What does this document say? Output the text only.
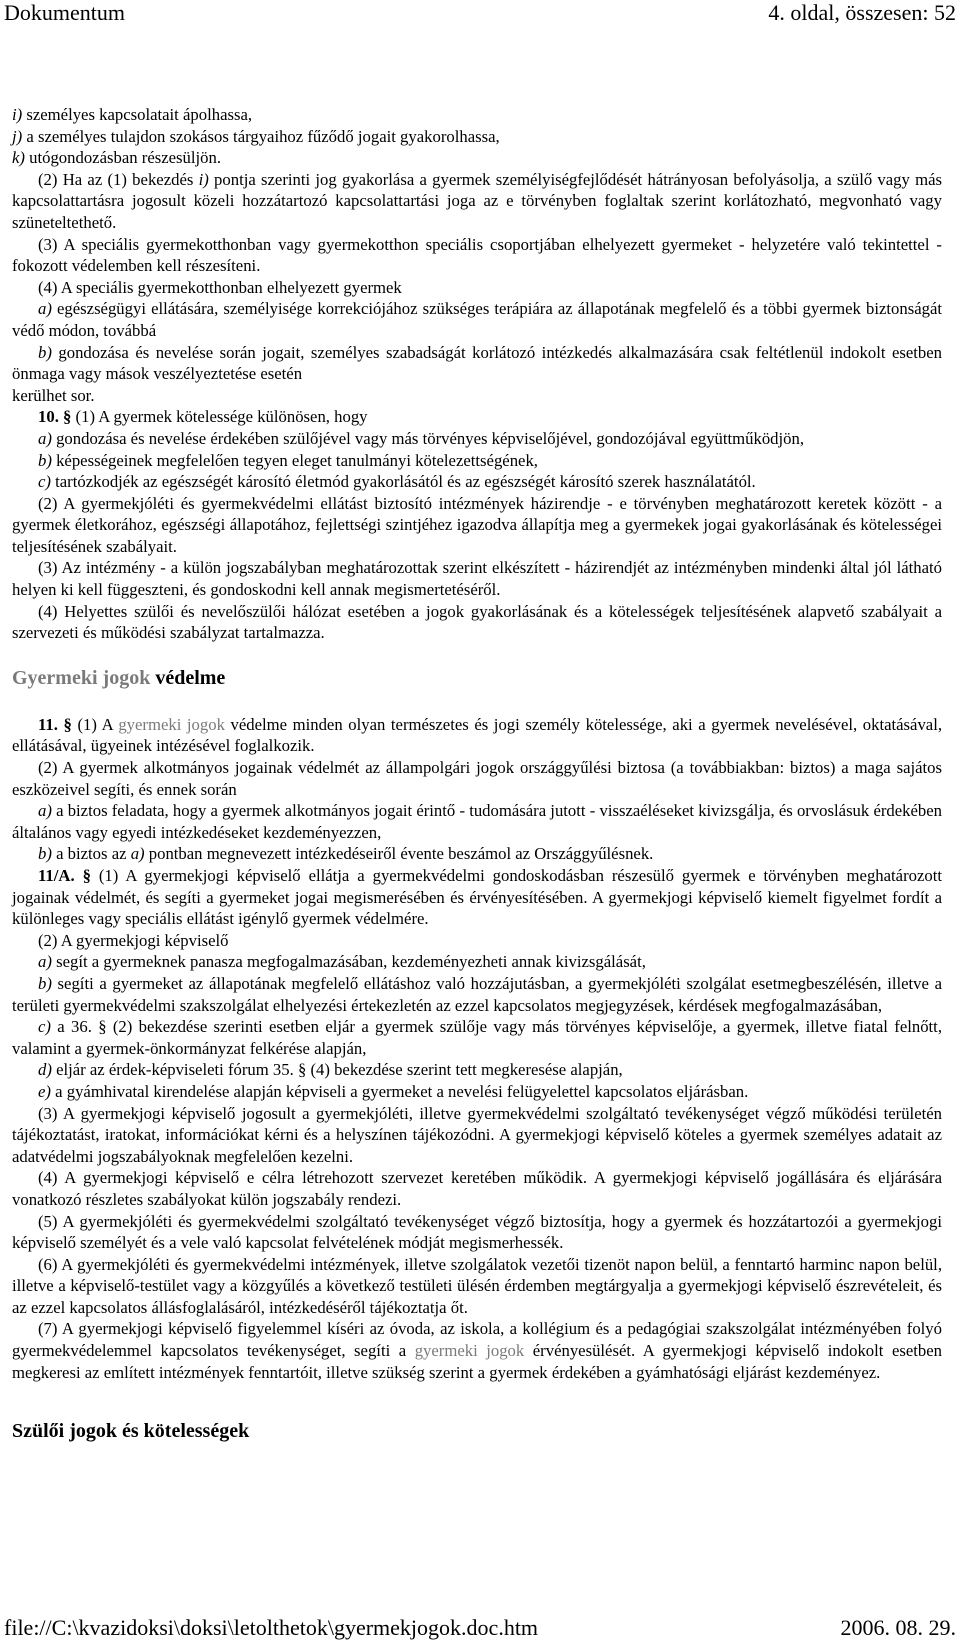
Dokumentum	4. oldal, összesen: 52

i) személyes kapcsolatait ápolhassa,

j) a személyes tulajdon szokásos tárgyaihoz fűződő jogait gyakorolhassa,

k) utógondozásban részesüljön.

(2) Ha az (1) bekezdés i) pontja szerinti jog gyakorlása a gyermek személyiségfejlődését hátrányosan befolyásolja, a szülő vagy más kapcsolattartásra jogosult közeli hozzátartozó kapcsolattartási joga az e törvényben foglaltak szerint korlátozható, megvonható vagy szüneteltethető.

(3) A speciális gyermekotthonban vagy gyermekotthon speciális csoportjában elhelyezett gyermeket - helyzetére való tekintettel - fokozott védelemben kell részesíteni.

(4) A speciális gyermekotthonban elhelyezett gyermek

a) egészségügyi ellátására, személyisége korrekciójához szükséges terápiára az állapotának megfelelő és a többi gyermek biztonságát védő módon, továbbá

b) gondozása és nevelése során jogait, személyes szabadságát korlátozó intézkedés alkalmazására csak feltétlenül indokolt esetben önmaga vagy mások veszélyeztetése esetén

kerülhet sor.

10. § (1) A gyermek kötelessége különösen, hogy

a) gondozása és nevelése érdekében szülőjével vagy más törvényes képviselőjével, gondozójával együttműködjön,

b) képességeinek megfelelően tegyen eleget tanulmányi kötelezettségének,

c) tartózkodjék az egészségét károsító életmód gyakorlásától és az egészségét károsító szerek használatától.

(2) A gyermekjóléti és gyermekvédelmi ellátást biztosító intézmények házirendje - e törvényben meghatározott keretek között - a gyermek életkorához, egészségi állapotához, fejlettségi szintjéhez igazodva állapítja meg a gyermekek jogai gyakorlásának és kötelességei teljesítésének szabályait.

(3) Az intézmény - a külön jogszabályban meghatározottak szerint elkészített - házirendjét az intézményben mindenki által jól látható helyen ki kell függeszteni, és gondoskodni kell annak megismertetéséről.

(4) Helyettes szülői és nevelőszülői hálózat esetében a jogok gyakorlásának és a kötelességek teljesítésének alapvető szabályait a szervezeti és működési szabályzat tartalmazza.

Gyermeki jogok védelme

11. § (1) A gyermeki jogok védelme minden olyan természetes és jogi személy kötelessége, aki a gyermek nevelésével, oktatásával, ellátásával, ügyeinek intézésével foglalkozik.

(2) A gyermek alkotmányos jogainak védelmét az állampolgári jogok országgyűlési biztosa (a továbbiakban: biztos) a maga sajátos eszközeivel segíti, és ennek során

a) a biztos feladata, hogy a gyermek alkotmányos jogait érintő - tudomására jutott - visszaéléseket kivizsgálja, és orvoslásuk érdekében általános vagy egyedi intézkedéseket kezdeményezzen,

b) a biztos az a) pontban megnevezett intézkedéseiről évente beszámol az Országgyűlésnek.

11/A. § (1) A gyermekjogi képviselő ellátja a gyermekvédelmi gondoskodásban részesülő gyermek e törvényben meghatározott jogainak védelmét, és segíti a gyermeket jogai megismerésében és érvényesítésében. A gyermekjogi képviselő kiemelt figyelmet fordít a különleges vagy speciális ellátást igénylő gyermek védelmére.

(2) A gyermekjogi képviselő

a) segít a gyermeknek panasza megfogalmazásában, kezdeményezheti annak kivizsgálását,

b) segíti a gyermeket az állapotának megfelelő ellátáshoz való hozzájutásban, a gyermekjóléti szolgálat esetmegbeszélésén, illetve a területi gyermekvédelmi szakszolgálat elhelyezési értekezletén az ezzel kapcsolatos megjegyzések, kérdések megfogalmazásában,

c) a 36. § (2) bekezdése szerinti esetben eljár a gyermek szülője vagy más törvényes képviselője, a gyermek, illetve fiatal felnőtt, valamint a gyermek-önkormányzat felkérése alapján,

d) eljár az érdek-képviseleti fórum 35. § (4) bekezdése szerint tett megkeresése alapján,

e) a gyámhivatal kirendelése alapján képviseli a gyermeket a nevelési felügyelettel kapcsolatos eljárásban.

(3) A gyermekjogi képviselő jogosult a gyermekjóléti, illetve gyermekvédelmi szolgáltató tevékenységet végző működési területén tájékoztatást, iratokat, információkat kérni és a helyszínen tájékozódni. A gyermekjogi képviselő köteles a gyermek személyes adatait az adatvédelmi jogszabályoknak megfelelően kezelni.

(4) A gyermekjogi képviselő e célra létrehozott szervezet keretében működik. A gyermekjogi képviselő jogállására és eljárására vonatkozó részletes szabályokat külön jogszabály rendezi.

(5) A gyermekjóléti és gyermekvédelmi szolgáltató tevékenységet végző biztosítja, hogy a gyermek és hozzátartozói a gyermekjogi képviselő személyét és a vele való kapcsolat felvételének módját megismerhessék.

(6) A gyermekjóléti és gyermekvédelmi intézmények, illetve szolgálatok vezetői tizenöt napon belül, a fenntartó harminc napon belül, illetve a képviselő-testület vagy a közgyűlés a következő testületi ülésén érdemben megtárgyalja a gyermekjogi képviselő észrevételeit, és az ezzel kapcsolatos állásfoglalásáról, intézkedéséről tájékoztatja őt.

(7) A gyermekjogi képviselő figyelemmel kíséri az óvoda, az iskola, a kollégium és a pedagógiai szakszolgálat intézményében folyó gyermekvédelemmel kapcsolatos tevékenységet, segíti a gyermeki jogok érvényesülését. A gyermekjogi képviselő indokolt esetben megkeresi az említett intézmények fenntartóit, illetve szükség szerint a gyermek érdekében a gyámhatósági eljárást kezdeményez.

Szülői jogok és kötelességek

file://C:\kvazidoksi\doksi\letolthetok\gyermekjogok.doc.htm	2006. 08. 29.
